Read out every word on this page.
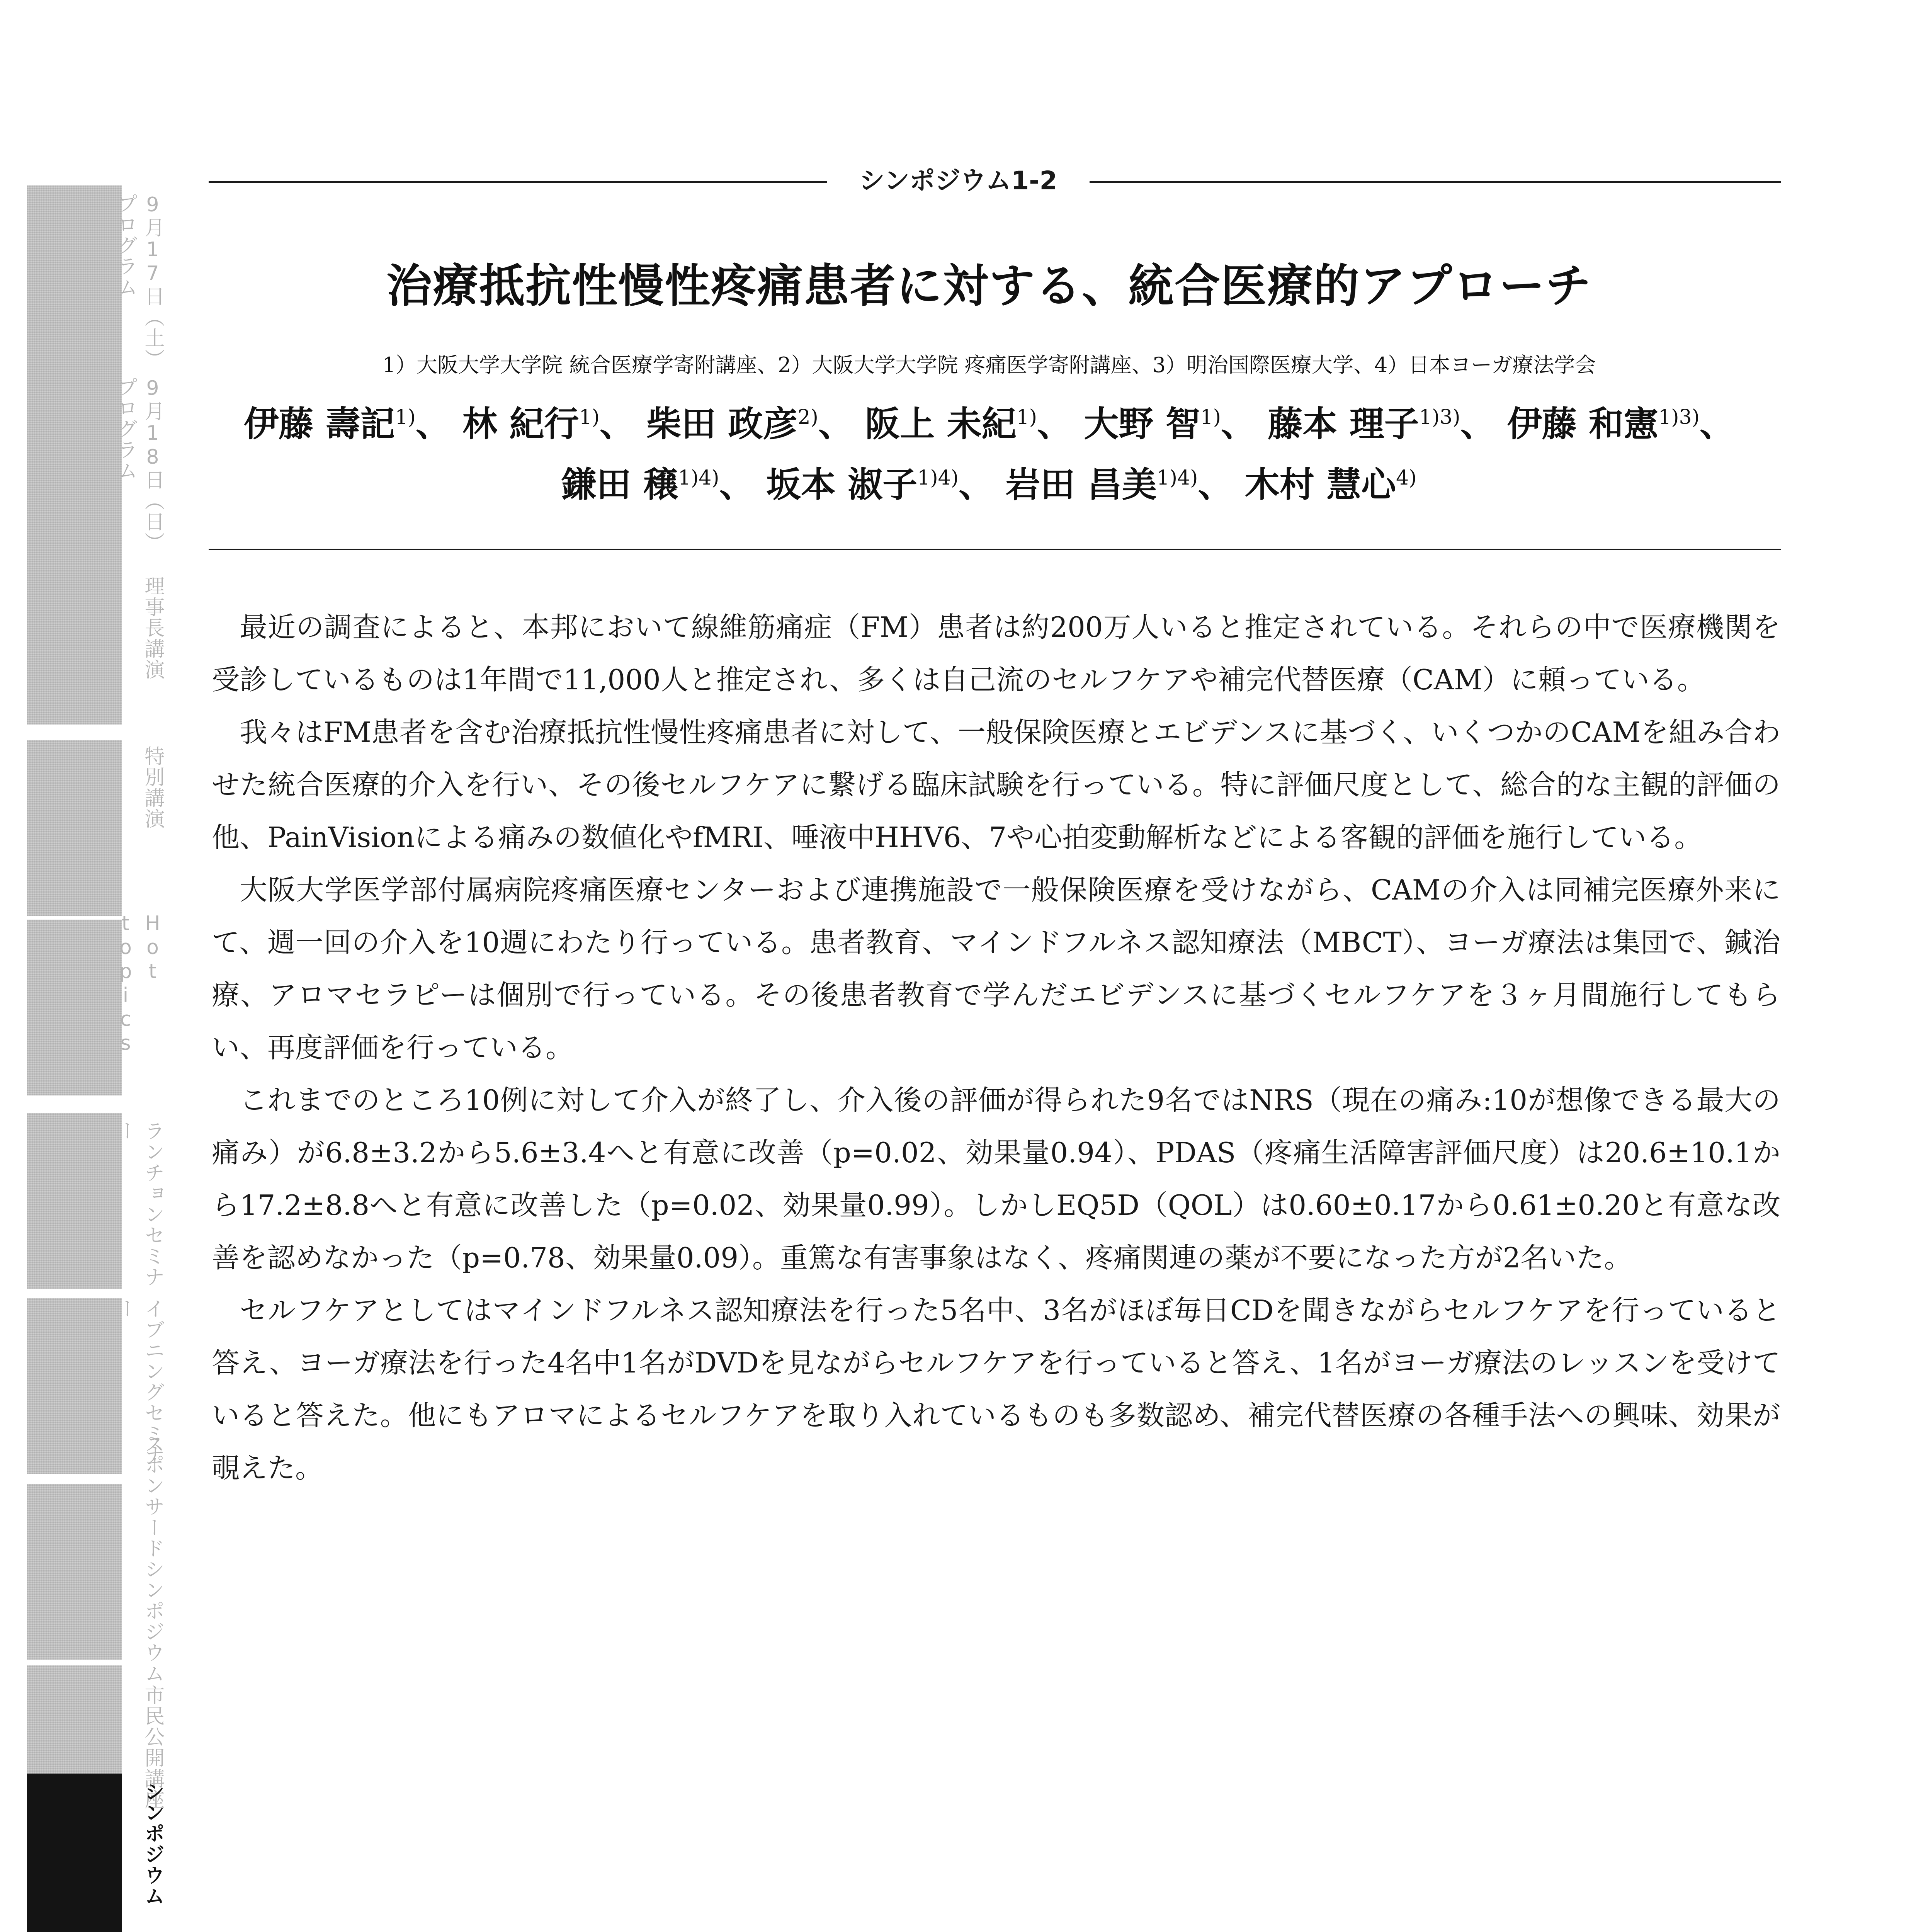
9月17日（土）プログラム
9月18日（日）プログラム
理事長講演
特別講演
Hot topics
ランチョンセミナー
イブニングセミナー
スポンサードシンポジウム
市民公開講座
シンポジウム
シンポジウム1-2
治療抵抗性慢性疼痛患者に対する、統合医療的アプローチ
1）大阪大学大学院 統合医療学寄附講座、2）大阪大学大学院 疼痛医学寄附講座、3）明治国際医療大学、4）日本ヨーガ療法学会
伊藤 壽記$^{1)}$、 林 紀行$^{1)}$、 柴田 政彦$^{2)}$、 阪上 未紀$^{1)}$、 大野 智$^{1)}$、 藤本 理子$^{1)3)}$、 伊藤 和憲$^{1)3)}$、
鎌田 穣$^{1)4)}$、 坂本 淑子$^{1)4)}$、 岩田 昌美$^{1)4)}$、 木村 慧心$^{4)}$

最近の調査によると、本邦において線維筋痛症（FM）患者は約200万人いると推定されている。それらの中で医療機関を受診しているものは1年間で11,000人と推定され、多くは自己流のセルフケアや補完代替医療（CAM）に頼っている。

我々はFM患者を含む治療抵抗性慢性疼痛患者に対して、一般保険医療とエビデンスに基づく、いくつかのCAMを組み合わせた統合医療的介入を行い、その後セルフケアに繋げる臨床試験を行っている。特に評価尺度として、総合的な主観的評価の他、PainVisionによる痛みの数値化やfMRI、唾液中HHV6、7や心拍変動解析などによる客観的評価を施行している。

大阪大学医学部付属病院疼痛医療センターおよび連携施設で一般保険医療を受けながら、CAMの介入は同補完医療外来にて、週一回の介入を10週にわたり行っている。患者教育、マインドフルネス認知療法（MBCT）、ヨーガ療法は集団で、鍼治療、アロマセラピーは個別で行っている。その後患者教育で学んだエビデンスに基づくセルフケアを３ヶ月間施行してもらい、再度評価を行っている。

これまでのところ10例に対して介入が終了し、介入後の評価が得られた9名ではNRS（現在の痛み:10が想像できる最大の痛み）が6.8±3.2から5.6±3.4へと有意に改善（p=0.02、効果量0.94）、PDAS（疼痛生活障害評価尺度）は20.6±10.1から17.2±8.8へと有意に改善した（p=0.02、効果量0.99）。しかしEQ5D（QOL）は0.60±0.17から0.61±0.20と有意な改善を認めなかった（p=0.78、効果量0.09）。重篤な有害事象はなく、疼痛関連の薬が不要になった方が2名いた。

セルフケアとしてはマインドフルネス認知療法を行った5名中、3名がほぼ毎日CDを聞きながらセルフケアを行っていると答え、ヨーガ療法を行った4名中1名がDVDを見ながらセルフケアを行っていると答え、1名がヨーガ療法のレッスンを受けていると答えた。他にもアロマによるセルフケアを取り入れているものも多数認め、補完代替医療の各種手法への興味、効果が覗えた。
